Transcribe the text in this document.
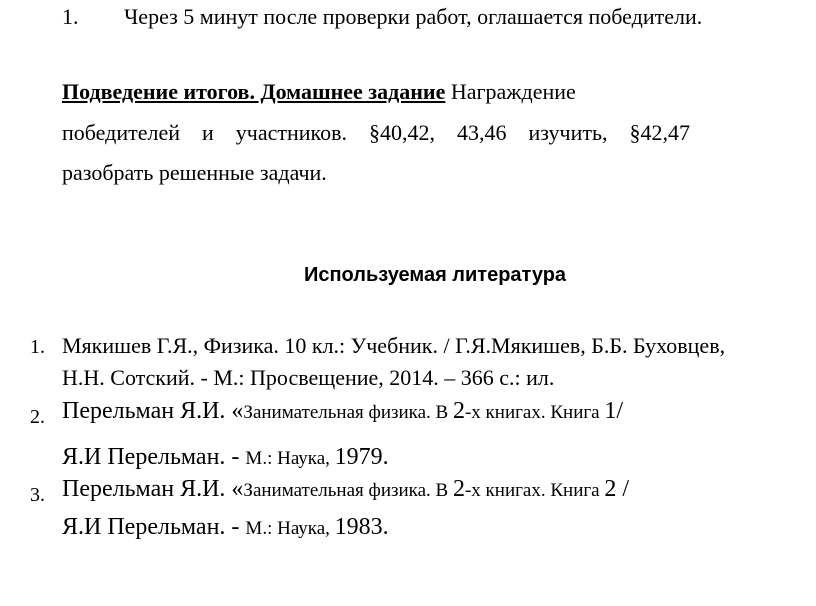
1. Через 5 минут после проверки работ, оглашается победители.
Подведение итогов. Домашнее задание Награждение
победителей и участников. §40,42, 43,46 изучить, §42,47
разобрать решенные задачи.
Используемая литература
1. Мякишев Г.Я., Физика. 10 кл.: Учебник. / Г.Я.Мякишев, Б.Б. Буховцев,
Н.Н. Сотский. - М.: Просвещение, 2014. – 366 с.: ил.
2. Перельман Я.И. «Занимательная физика. В 2-х книгах. Книга 1/
Я.И Перельман. - М.: Наука, 1979.
3. Перельман Я.И. «Занимательная физика. В 2-х книгах. Книга 2 /
Я.И Перельман. - М.: Наука, 1983.
